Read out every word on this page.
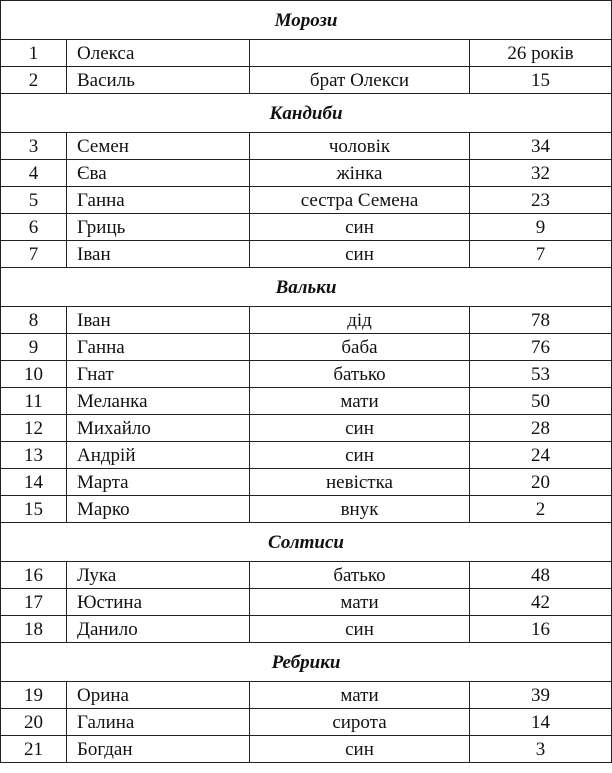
Морози			
1	Олекса		26 років
2	Василь	брат Олекси	15
Кандиби			
3	Семен	чоловік	34
4	Єва	жінка	32
5	Ганна	сестра Семена	23
6	Гриць	син	9
7	Іван	син	7
Вальки			
8	Іван	дід	78
9	Ганна	баба	76
10	Гнат	батько	53
11	Меланка	мати	50
12	Михайло	син	28
13	Андрій	син	24
14	Марта	невістка	20
15	Марко	внук	2
Солтиси			
16	Лука	батько	48
17	Юстина	мати	42
18	Данило	син	16
Ребрики			
19	Орина	мати	39
20	Галина	сирота	14
21	Богдан	син	3
